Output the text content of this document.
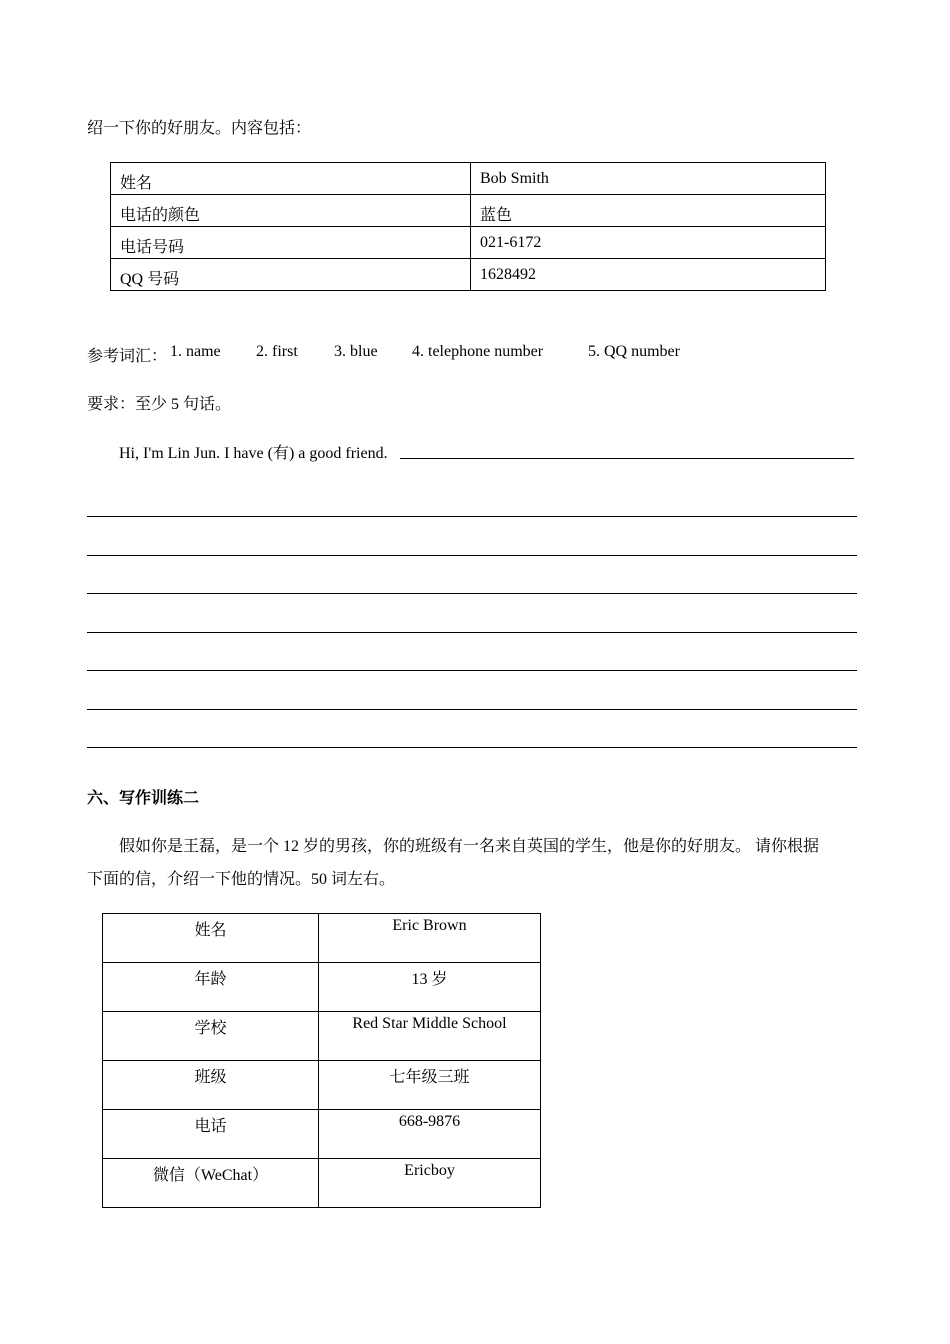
绍一下你的好朋友。内容包括：
姓名	Bob Smith
电话的颜色	蓝色
电话号码	021-6172
QQ 号码	1628492
参考词汇： 1. name 2. first 3. blue 4. telephone number	5. QQ number
要求：至少 5 句话。
Hi, I'm Lin Jun. I have (有) a good friend.
六、写作训练二
假如你是王磊，是一个 12 岁的男孩，你的班级有一名来自英国的学生，他是你的好朋友。 请你根据
下面的信，介绍一下他的情况。50 词左右。
姓名	Eric Brown
年龄	13 岁
学校	Red Star Middle School
班级	七年级三班
电话	668-9876
微信（WeChat）	Ericboy
